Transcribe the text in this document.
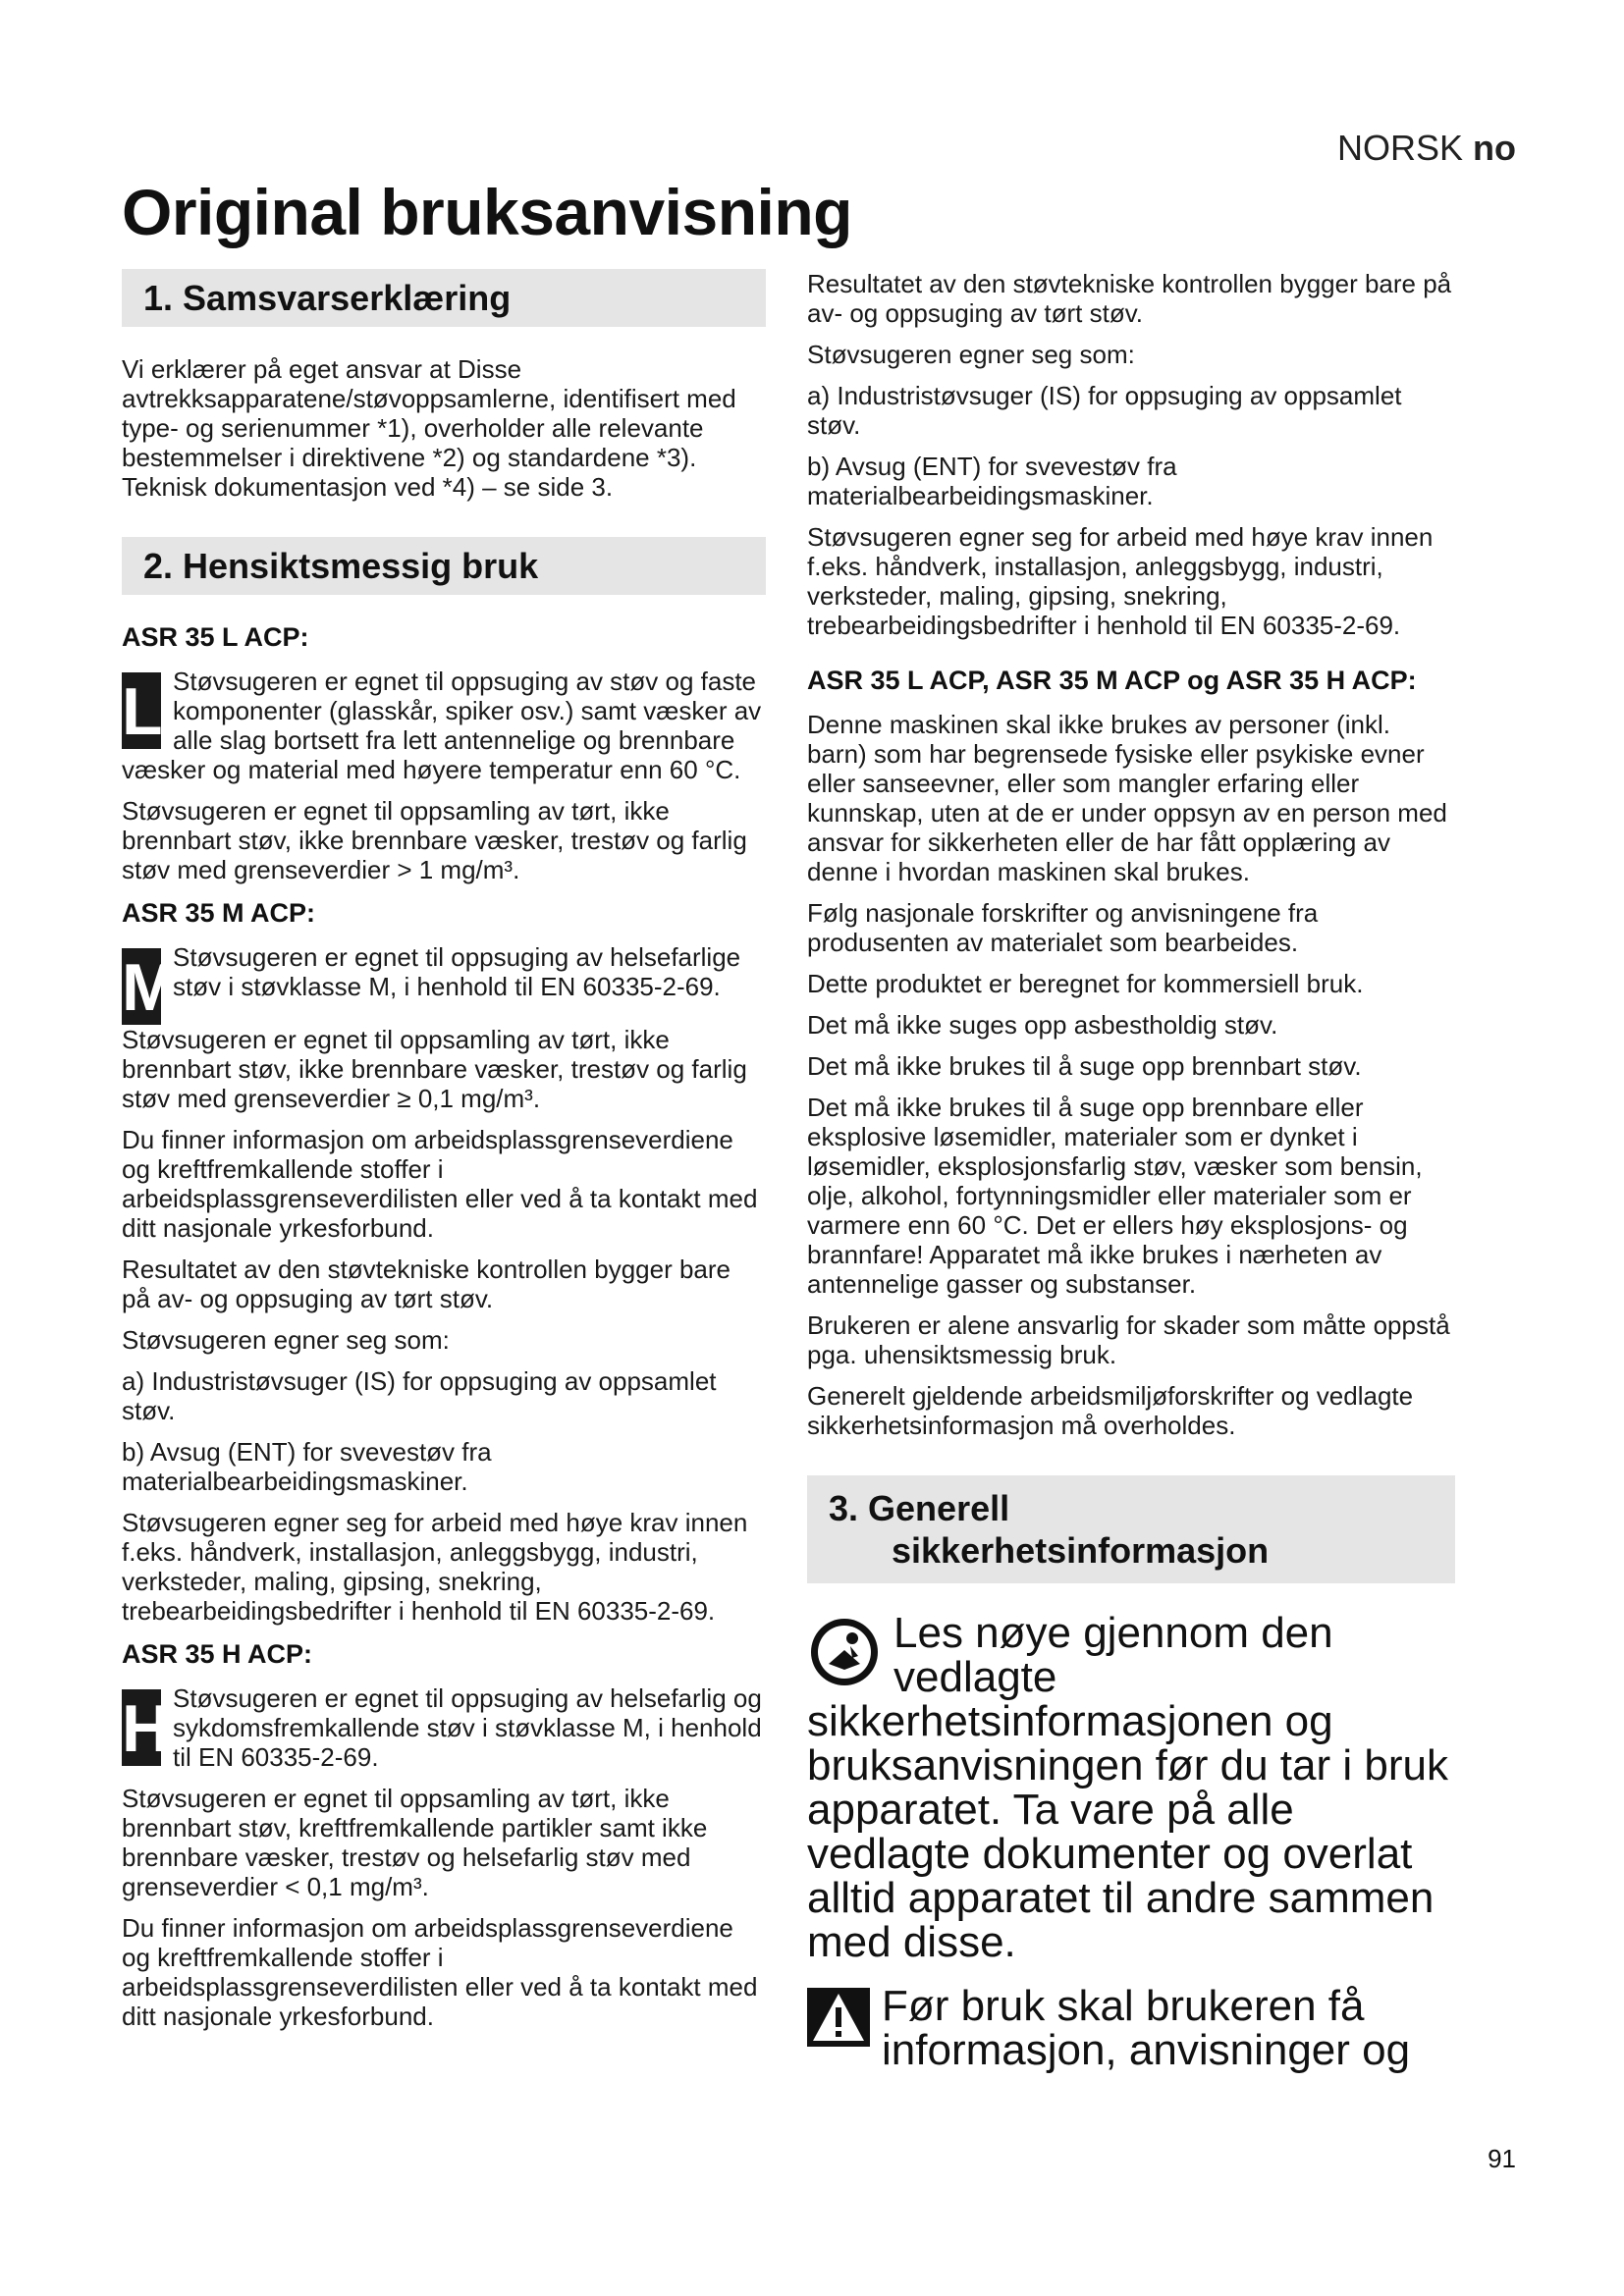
NORSK no
Original bruksanvisning
1. Samsvarserklæring

Vi erklærer på eget ansvar at Disse avtrekksapparatene/støvoppsamlerne, identifisert med type- og serienummer *1), overholder alle relevante bestemmelser i direktivene *2) og standardene *3). Teknisk dokumentasjon ved *4) – se side 3.

2. Hensiktsmessig bruk
ASR 35 L ACP:
L Støvsugeren er egnet til oppsuging av støv og faste komponenter (glasskår, spiker osv.) samt væsker av alle slag bortsett fra lett antennelige og brennbare væsker og material med høyere temperatur enn 60 °C.

Støvsugeren er egnet til oppsamling av tørt, ikke brennbart støv, ikke brennbare væsker, trestøv og farlig støv med grenseverdier > 1 mg/m³.

ASR 35 M ACP:
M

Støvsugeren er egnet til oppsuging av helsefarlige støv i støvklasse M, i henhold til EN 60335-2-69.

Støvsugeren er egnet til oppsamling av tørt, ikke brennbart støv, ikke brennbare væsker, trestøv og farlig støv med grenseverdier ≥ 0,1 mg/m³.

Du finner informasjon om arbeidsplassgrenseverdiene og kreftfremkallende stoffer i arbeidsplassgrenseverdilisten eller ved å ta kontakt med ditt nasjonale yrkesforbund.

Resultatet av den støvtekniske kontrollen bygger bare på av- og oppsuging av tørt støv.

Støvsugeren egner seg som:

a) Industristøvsuger (IS) for oppsuging av oppsamlet støv.

b) Avsug (ENT) for svevestøv fra materialbearbeidingsmaskiner.

Støvsugeren egner seg for arbeid med høye krav innen f.eks. håndverk, installasjon, anleggsbygg, industri, verksteder, maling, gipsing, snekring, trebearbeidingsbedrifter i henhold til EN 60335-2-69.

ASR 35 H ACP:
H Støvsugeren er egnet til oppsuging av helsefarlig og sykdomsfremkallende støv i støvklasse M, i henhold til EN 60335-2-69.

Støvsugeren er egnet til oppsamling av tørt, ikke brennbart støv, kreftfremkallende partikler samt ikke brennbare væsker, trestøv og helsefarlig støv med grenseverdier < 0,1 mg/m³.

Du finner informasjon om arbeidsplassgrenseverdiene og kreftfremkallende stoffer i arbeidsplassgrenseverdilisten eller ved å ta kontakt med ditt nasjonale yrkesforbund.

Resultatet av den støvtekniske kontrollen bygger bare på av- og oppsuging av tørt støv.

Støvsugeren egner seg som:

a) Industristøvsuger (IS) for oppsuging av oppsamlet støv.

b) Avsug (ENT) for svevestøv fra materialbearbeidingsmaskiner.

Støvsugeren egner seg for arbeid med høye krav innen f.eks. håndverk, installasjon, anleggsbygg, industri, verksteder, maling, gipsing, snekring, trebearbeidingsbedrifter i henhold til EN 60335-2-69.

ASR 35 L ACP, ASR 35 M ACP og ASR 35 H ACP:

Denne maskinen skal ikke brukes av personer (inkl. barn) som har begrensede fysiske eller psykiske evner eller sanseevner, eller som mangler erfaring eller kunnskap, uten at de er under oppsyn av en person med ansvar for sikkerheten eller de har fått opplæring av denne i hvordan maskinen skal brukes.

Følg nasjonale forskrifter og anvisningene fra produsenten av materialet som bearbeides.

Dette produktet er beregnet for kommersiell bruk.

Det må ikke suges opp asbestholdig støv.

Det må ikke brukes til å suge opp brennbart støv.

Det må ikke brukes til å suge opp brennbare eller eksplosive løsemidler, materialer som er dynket i løsemidler, eksplosjonsfarlig støv, væsker som bensin, olje, alkohol, fortynningsmidler eller materialer som er varmere enn 60 °C. Det er ellers høy eksplosjons- og brannfare! Apparatet må ikke brukes i nærheten av antennelige gasser og substanser.

Brukeren er alene ansvarlig for skader som måtte oppstå pga. uhensiktsmessig bruk.

Generelt gjeldende arbeidsmiljøforskrifter og vedlagte sikkerhetsinformasjon må overholdes.

3. Generell
sikkerhetsinformasjon

Les nøye gjennom den vedlagte sikkerhetsinformasjonen og bruksanvisningen før du tar i bruk apparatet. Ta vare på alle vedlagte dokumenter og overlat alltid apparatet til andre sammen med disse.

Før bruk skal brukeren få informasjon, anvisninger og

91
